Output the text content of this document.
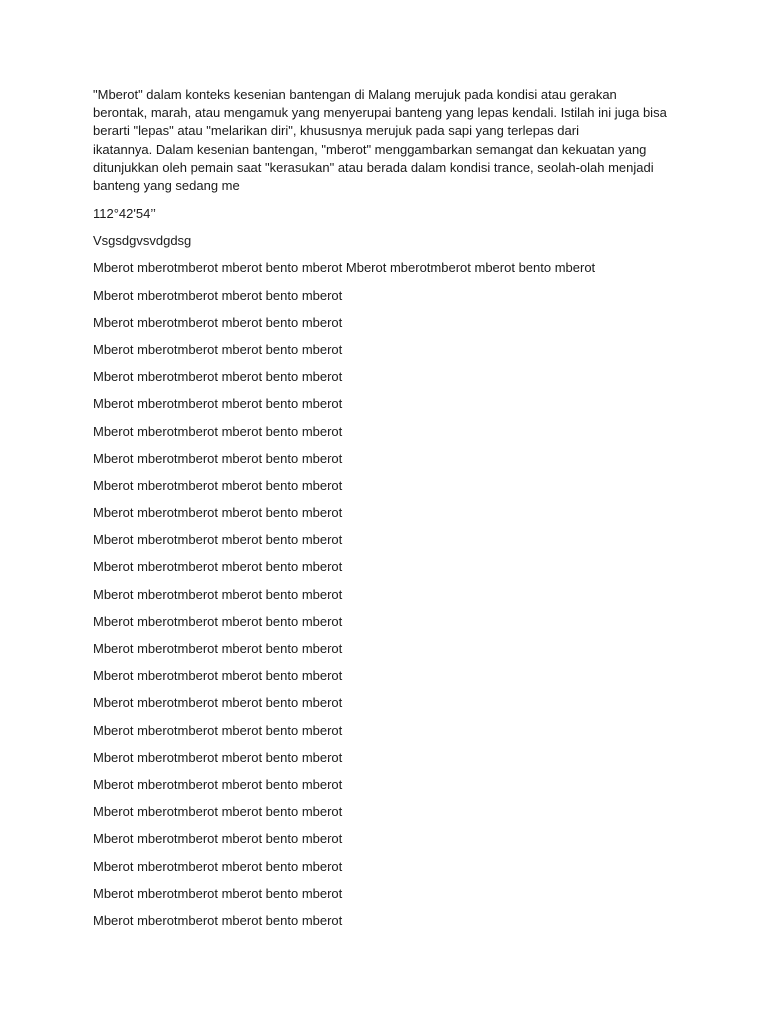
"Mberot" dalam konteks kesenian bantengan di Malang merujuk pada kondisi atau gerakan
berontak, marah, atau mengamuk yang menyerupai banteng yang lepas kendali. Istilah ini juga bisa
berarti "lepas" atau "melarikan diri", khususnya merujuk pada sapi yang terlepas dari
ikatannya. Dalam kesenian bantengan, "mberot" menggambarkan semangat dan kekuatan yang
ditunjukkan oleh pemain saat "kerasukan" atau berada dalam kondisi trance, seolah-olah menjadi
banteng yang sedang me

112°42'54’’

Vsgsdgvsvdgdsg

Mberot mberotmberot mberot bento mberot Mberot mberotmberot mberot bento mberot
Mberot mberotmberot mberot bento mberot
Mberot mberotmberot mberot bento mberot
Mberot mberotmberot mberot bento mberot
Mberot mberotmberot mberot bento mberot
Mberot mberotmberot mberot bento mberot
Mberot mberotmberot mberot bento mberot
Mberot mberotmberot mberot bento mberot
Mberot mberotmberot mberot bento mberot
Mberot mberotmberot mberot bento mberot
Mberot mberotmberot mberot bento mberot
Mberot mberotmberot mberot bento mberot
Mberot mberotmberot mberot bento mberot
Mberot mberotmberot mberot bento mberot
Mberot mberotmberot mberot bento mberot
Mberot mberotmberot mberot bento mberot
Mberot mberotmberot mberot bento mberot
Mberot mberotmberot mberot bento mberot
Mberot mberotmberot mberot bento mberot
Mberot mberotmberot mberot bento mberot
Mberot mberotmberot mberot bento mberot
Mberot mberotmberot mberot bento mberot
Mberot mberotmberot mberot bento mberot
Mberot mberotmberot mberot bento mberot
Mberot mberotmberot mberot bento mberot
